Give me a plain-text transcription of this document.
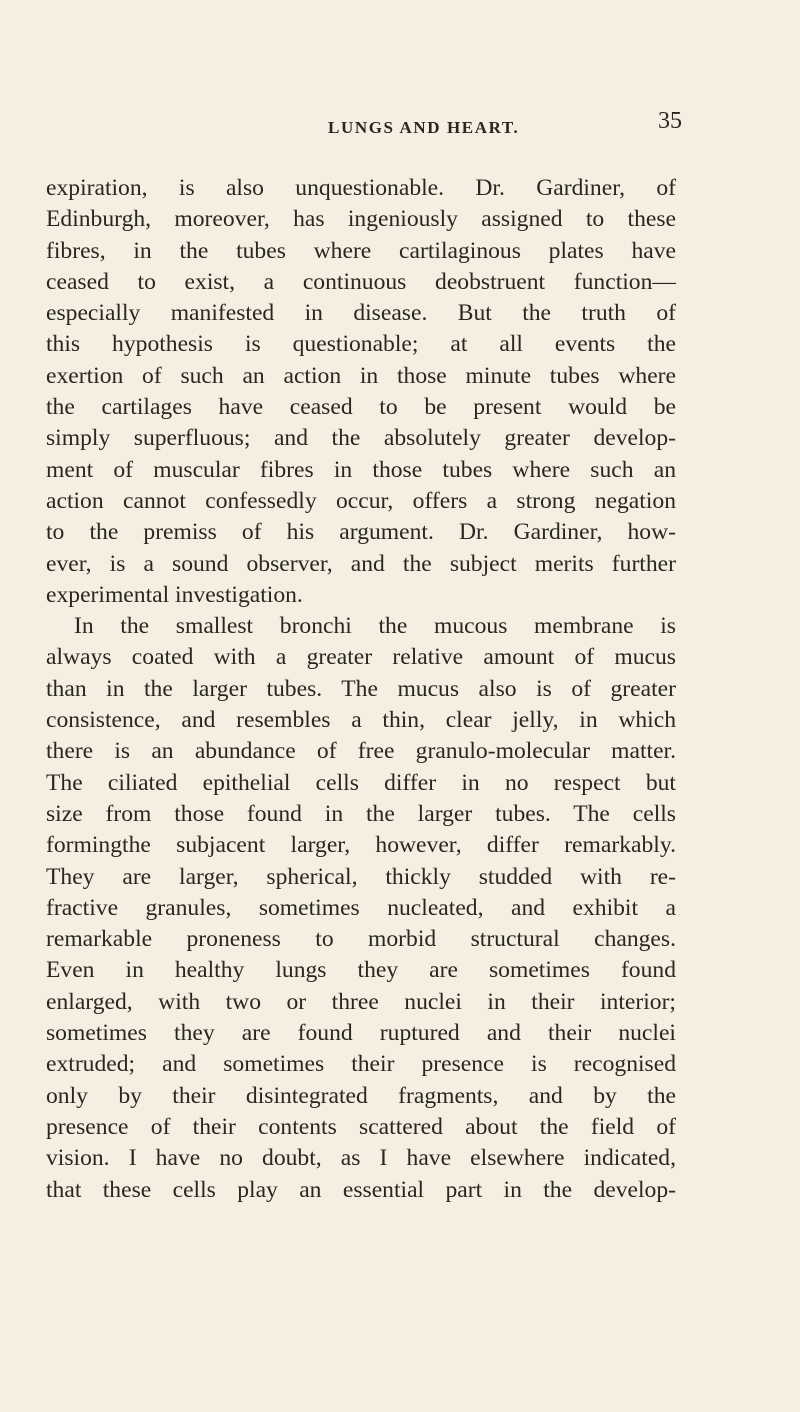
LUNGS AND HEART.	35
expiration, is also unquestionable. Dr. Gardiner, of
Edinburgh, moreover, has ingeniously assigned to these
fibres, in the tubes where cartilaginous plates have
ceased to exist, a continuous deobstruent function—
especially manifested in disease. But the truth of
this hypothesis is questionable; at all events the
exertion of such an action in those minute tubes where
the cartilages have ceased to be present would be
simply superfluous; and the absolutely greater develop-
ment of muscular fibres in those tubes where such an
action cannot confessedly occur, offers a strong negation
to the premiss of his argument. Dr. Gardiner, how-
ever, is a sound observer, and the subject merits further
experimental investigation.
In the smallest bronchi the mucous membrane is
always coated with a greater relative amount of mucus
than in the larger tubes. The mucus also is of greater
consistence, and resembles a thin, clear jelly, in which
there is an abundance of free granulo-molecular matter.
The ciliated epithelial cells differ in no respect but
size from those found in the larger tubes. The cells
formingthe subjacent larger, however, differ remarkably.
They are larger, spherical, thickly studded with re-
fractive granules, sometimes nucleated, and exhibit a
remarkable proneness to morbid structural changes.
Even in healthy lungs they are sometimes found
enlarged, with two or three nuclei in their interior;
sometimes they are found ruptured and their nuclei
extruded; and sometimes their presence is recognised
only by their disintegrated fragments, and by the
presence of their contents scattered about the field of
vision. I have no doubt, as I have elsewhere indicated,
that these cells play an essential part in the develop-
